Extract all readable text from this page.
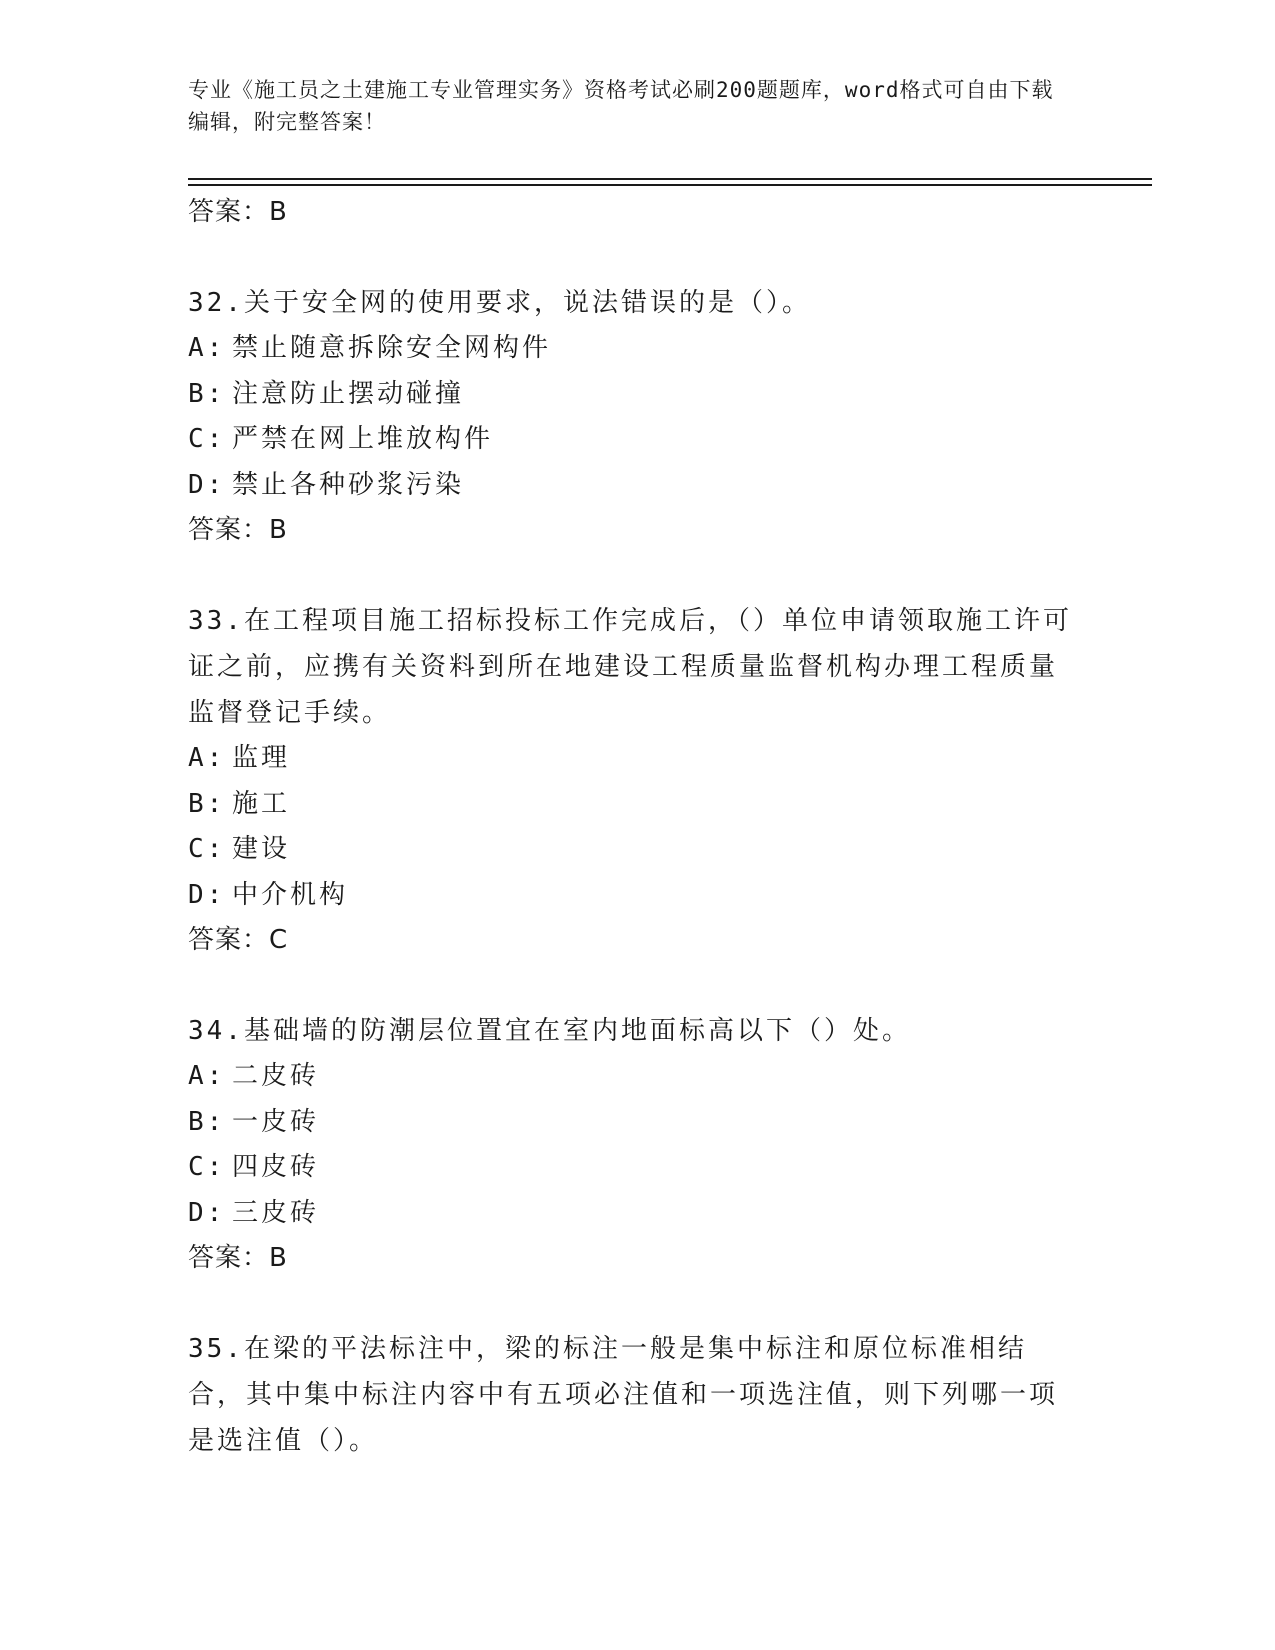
专业《施工员之土建施工专业管理实务》资格考试必刷200题题库，word格式可自由下载编辑，附完整答案！
答案：B
32.关于安全网的使用要求，说法错误的是（）。
A: 禁止随意拆除安全网构件
B: 注意防止摆动碰撞
C: 严禁在网上堆放构件
D: 禁止各种砂浆污染
答案：B
33.在工程项目施工招标投标工作完成后，（）单位申请领取施工许可证之前，应携有关资料到所在地建设工程质量监督机构办理工程质量监督登记手续。
A: 监理
B: 施工
C: 建设
D: 中介机构
答案：C
34.基础墙的防潮层位置宜在室内地面标高以下（）处。
A: 二皮砖
B: 一皮砖
C: 四皮砖
D: 三皮砖
答案：B
35.在梁的平法标注中，梁的标注一般是集中标注和原位标准相结合，其中集中标注内容中有五项必注值和一项选注值，则下列哪一项是选注值（）。
